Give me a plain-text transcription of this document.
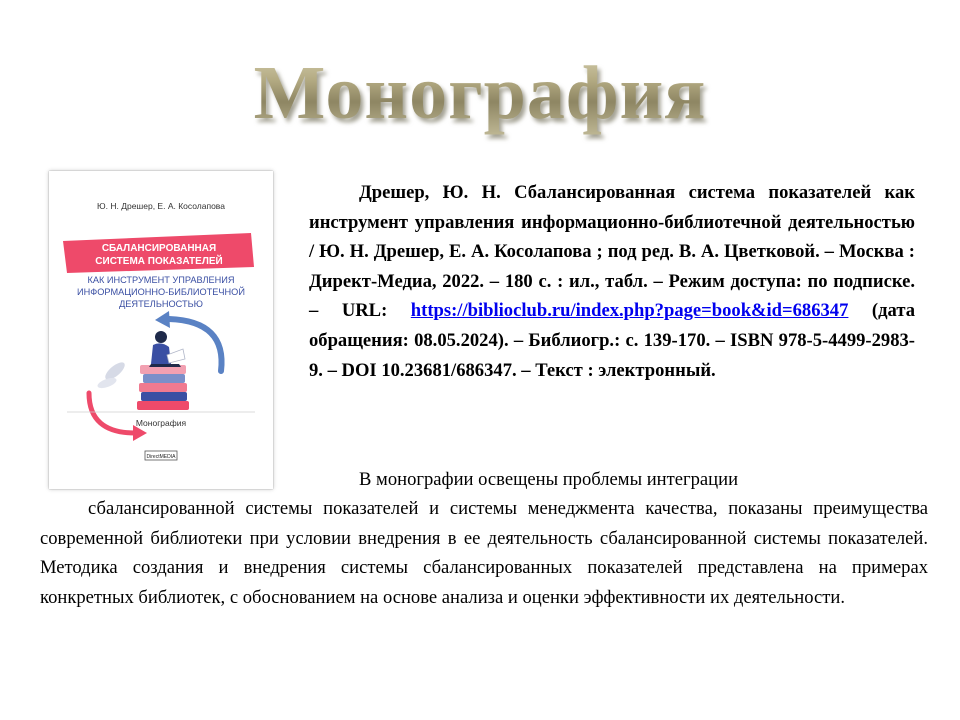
Монография
Ю. Н. Дрешер, Е. А. Косолапова
СБАЛАНСИРОВАННАЯ
СИСТЕМА ПОКАЗАТЕЛЕЙ
КАК ИНСТРУМЕНТ УПРАВЛЕНИЯ
ИНФОРМАЦИОННО-БИБЛИОТЕЧНОЙ
ДЕЯТЕЛЬНОСТЬЮ
Монография
DirectMEDIA
Дрешер, Ю. Н. Сбалансированная система показателей как инструмент управления информационно-библиотечной деятельностью / Ю. Н. Дрешер, Е. А. Косолапова ; под ред. В. А. Цветковой. – Москва : Директ-Медиа, 2022. – 180 с. : ил., табл. – Режим доступа: по подписке. – URL: https://biblioclub.ru/index.php?page=book&id=686347 (дата обращения: 08.05.2024). – Библиогр.: с. 139-170. – ISBN 978-5-4499-2983-9. – DOI 10.23681/686347. – Текст : электронный.
В монографии освещены проблемы интеграции
сбалансированной системы показателей и системы менеджмента качества, показаны преимущества современной библиотеки при условии внедрения в ее деятельность сбалансированной системы показателей. Методика создания и внедрения системы сбалансированных показателей представлена на примерах конкретных библиотек, с обоснованием на основе анализа и оценки эффективности их деятельности.
